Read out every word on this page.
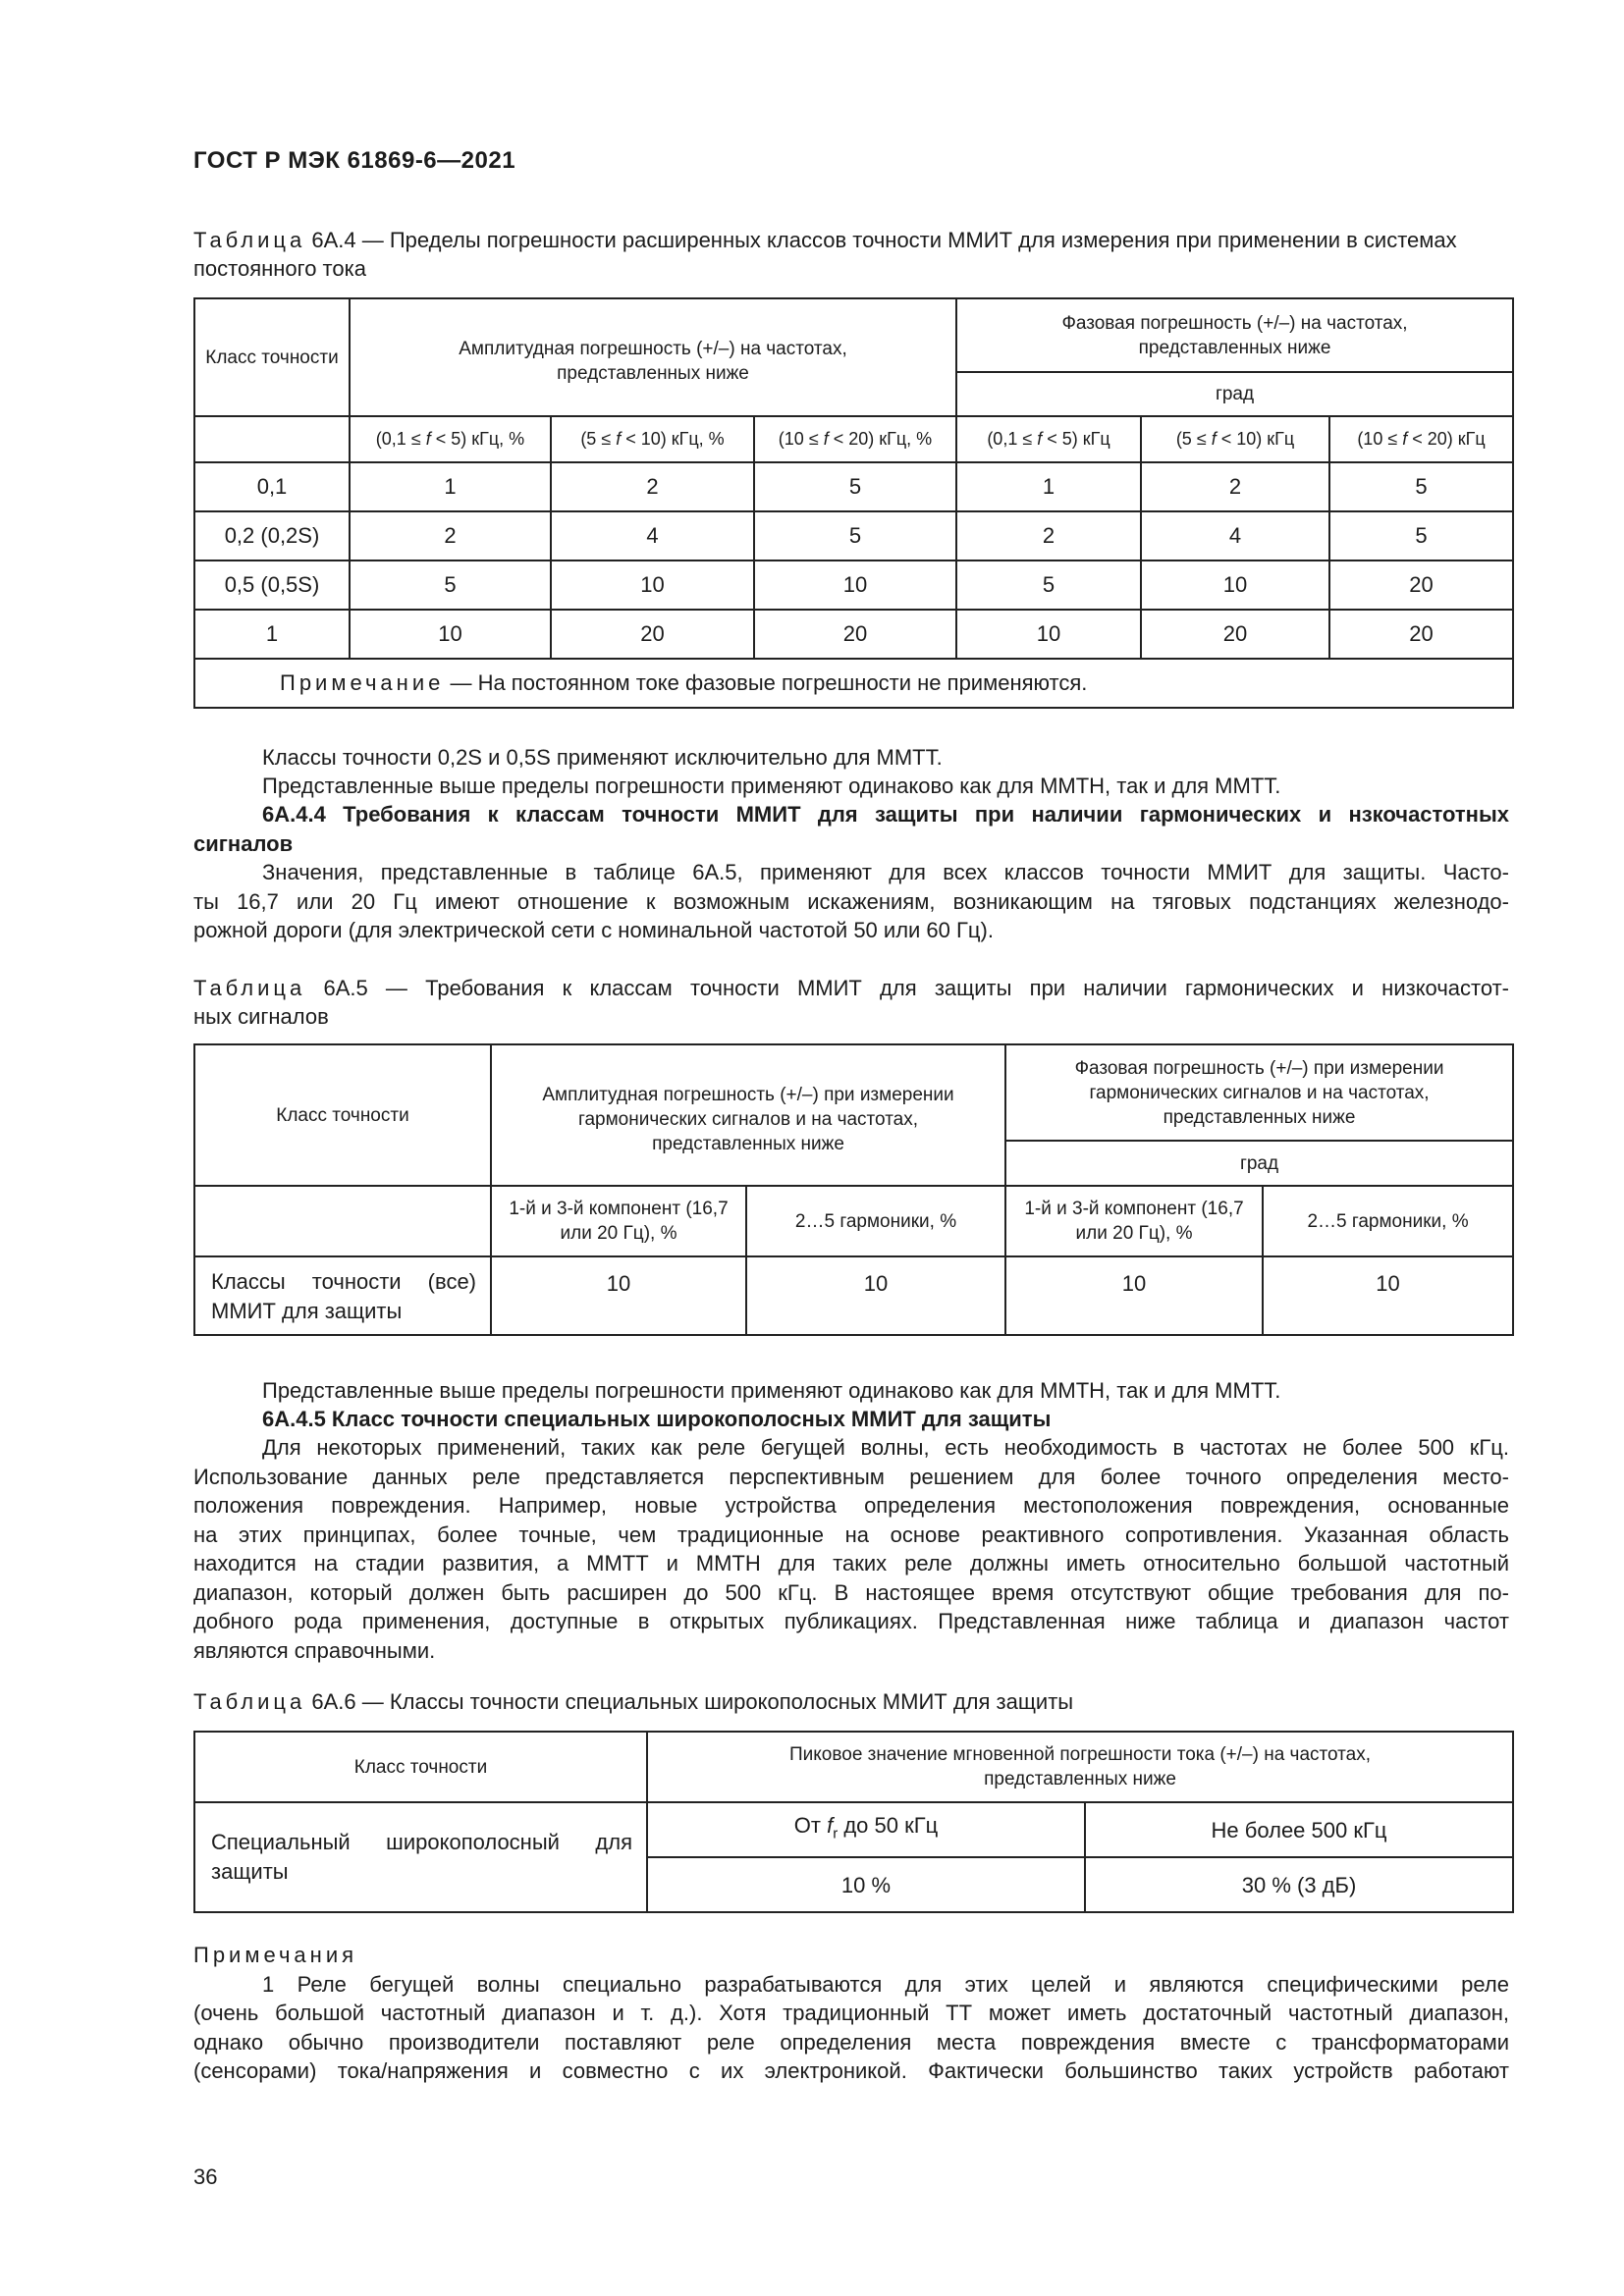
ГОСТ Р МЭК 61869-6—2021
Таблица 6А.4 — Пределы погрешности расширенных классов точности ММИТ для измерения при применении в системах постоянного тока
Класс точности	Амплитудная погрешность (+/–) на частотах, представленных ниже			Фазовая погрешность (+/–) на частотах, представленных ниже		
				град		
	(0,1 ≤ f < 5) кГц, %	(5 ≤ f < 10) кГц, %	(10 ≤ f < 20) кГц, %	(0,1 ≤ f < 5) кГц	(5 ≤ f < 10) кГц	(10 ≤ f < 20) кГц
0,1	1	2	5	1	2	5
0,2 (0,2S)	2	4	5	2	4	5
0,5 (0,5S)	5	10	10	5	10	20
1	10	20	20	10	20	20
Примечание — На постоянном токе фазовые погрешности не применяются.						
Классы точности 0,2S и 0,5S применяют исключительно для ММТТ.
Представленные выше пределы погрешности применяют одинаково как для ММТН, так и для ММТТ.
6А.4.4 Требования к классам точности ММИТ для защиты при наличии гармонических и нзкочастотных
сигналов
Значения, представленные в таблице 6А.5, применяют для всех классов точности ММИТ для защиты. Часто-
ты 16,7 или 20 Гц имеют отношение к возможным искажениям, возникающим на тяговых подстанциях железнодо-
рожной дороги (для электрической сети с номинальной частотой 50 или 60 Гц).
Таблица 6А.5 — Требования к классам точности ММИТ для защиты при наличии гармонических и низкочастот-
ных сигналов
Класс точности	Амплитудная погрешность (+/–) при измерении гармонических сигналов и на частотах, представленных ниже		Фазовая погрешность (+/–) при измерении гармонических сигналов и на частотах, представленных ниже	
			град	
	1-й и 3-й компонент (16,7 или 20 Гц), %	2…5 гармоники, %	1-й и 3-й компонент (16,7 или 20 Гц), %	2…5 гармоники, %
Классы точности (все) ММИТ для защиты	10	10	10	10
Представленные выше пределы погрешности применяют одинаково как для ММТН, так и для ММТТ.
6А.4.5 Класс точности специальных широкополосных ММИТ для защиты
Для некоторых применений, таких как реле бегущей волны, есть необходимость в частотах не более 500 кГц.
Использование данных реле представляется перспективным решением для более точного определения место-
положения повреждения. Например, новые устройства определения местоположения повреждения, основанные
на этих принципах, более точные, чем традиционные на основе реактивного сопротивления. Указанная область
находится на стадии развития, а ММТТ и ММТН для таких реле должны иметь относительно большой частотный
диапазон, который должен быть расширен до 500 кГц. В настоящее время отсутствуют общие требования для по-
добного рода применения, доступные в открытых публикациях. Представленная ниже таблица и диапазон частот
являются справочными.
Таблица 6А.6 — Классы точности специальных широкополосных ММИТ для защиты
Класс точности	Пиковое значение мгновенной погрешности тока (+/–) на частотах, представленных ниже	
Специальный широкополосный для защиты	От $f_r$ до 50 кГц	Не более 500 кГц
	10 %	30 % (3 дБ)
Примечания
1 Реле бегущей волны специально разрабатываются для этих целей и являются специфическими реле
(очень большой частотный диапазон и т. д.). Хотя традиционный ТТ может иметь достаточный частотный диапазон,
однако обычно производители поставляют реле определения места повреждения вместе с трансформаторами
(сенсорами) тока/напряжения и совместно с их электроникой. Фактически большинство таких устройств работают
36
